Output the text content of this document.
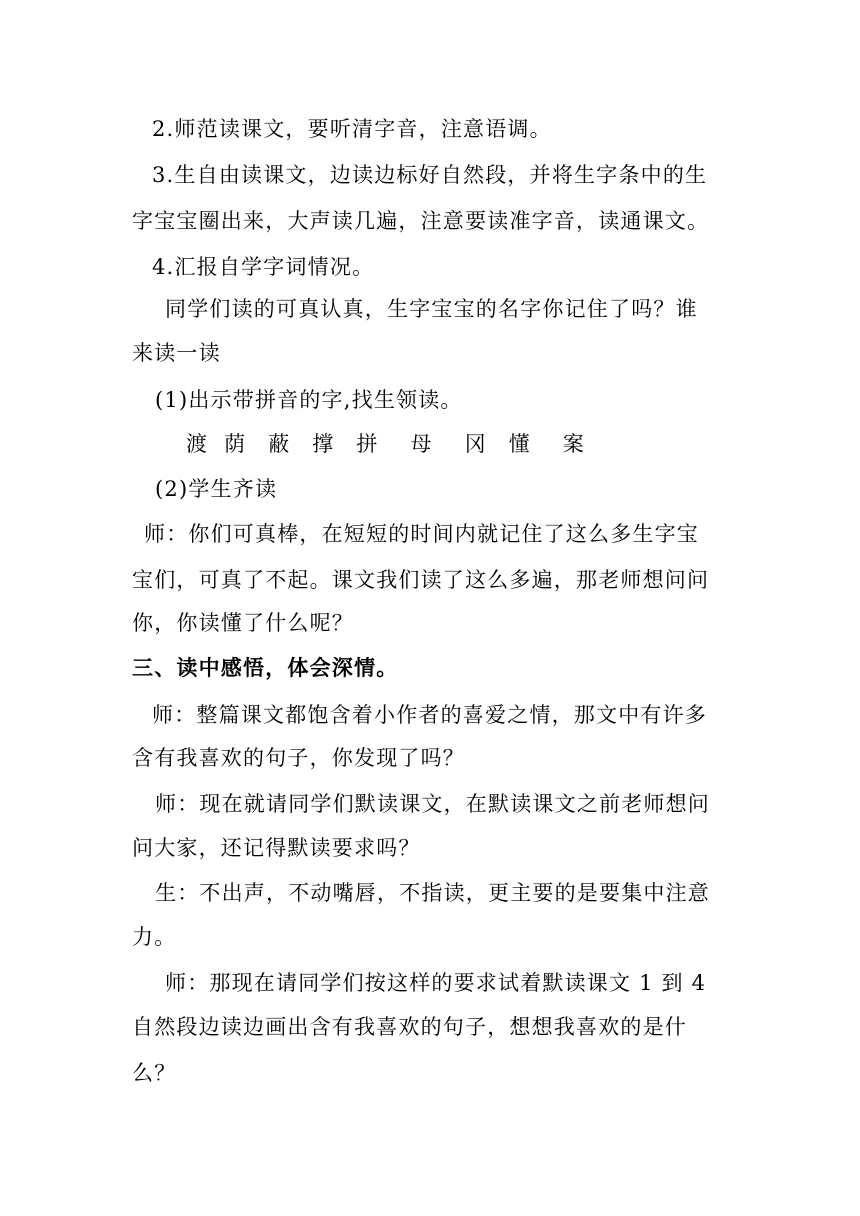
2.师范读课文，要听清字音，注意语调。
3.生自由读课文，边读边标好自然段，并将生字条中的生
字宝宝圈出来，大声读几遍，注意要读准字音，读通课文。
4.汇报自学字词情况。
同学们读的可真认真，生字宝宝的名字你记住了吗？谁
来读一读
(1)出示带拼音的字,找生领读。
渡 荫 蔽 撑 拼 母 冈 懂 案
(2)学生齐读
师：你们可真棒，在短短的时间内就记住了这么多生字宝
宝们，可真了不起。课文我们读了这么多遍，那老师想问问
你，你读懂了什么呢？
三、读中感悟，体会深情。
师：整篇课文都饱含着小作者的喜爱之情，那文中有许多
含有我喜欢的句子，你发现了吗？
师：现在就请同学们默读课文，在默读课文之前老师想问
问大家，还记得默读要求吗？
生：不出声，不动嘴唇，不指读，更主要的是要集中注意
力。
师：那现在请同学们按这样的要求试着默读课文 1 到 4
自然段边读边画出含有我喜欢的句子，想想我喜欢的是什
么？
